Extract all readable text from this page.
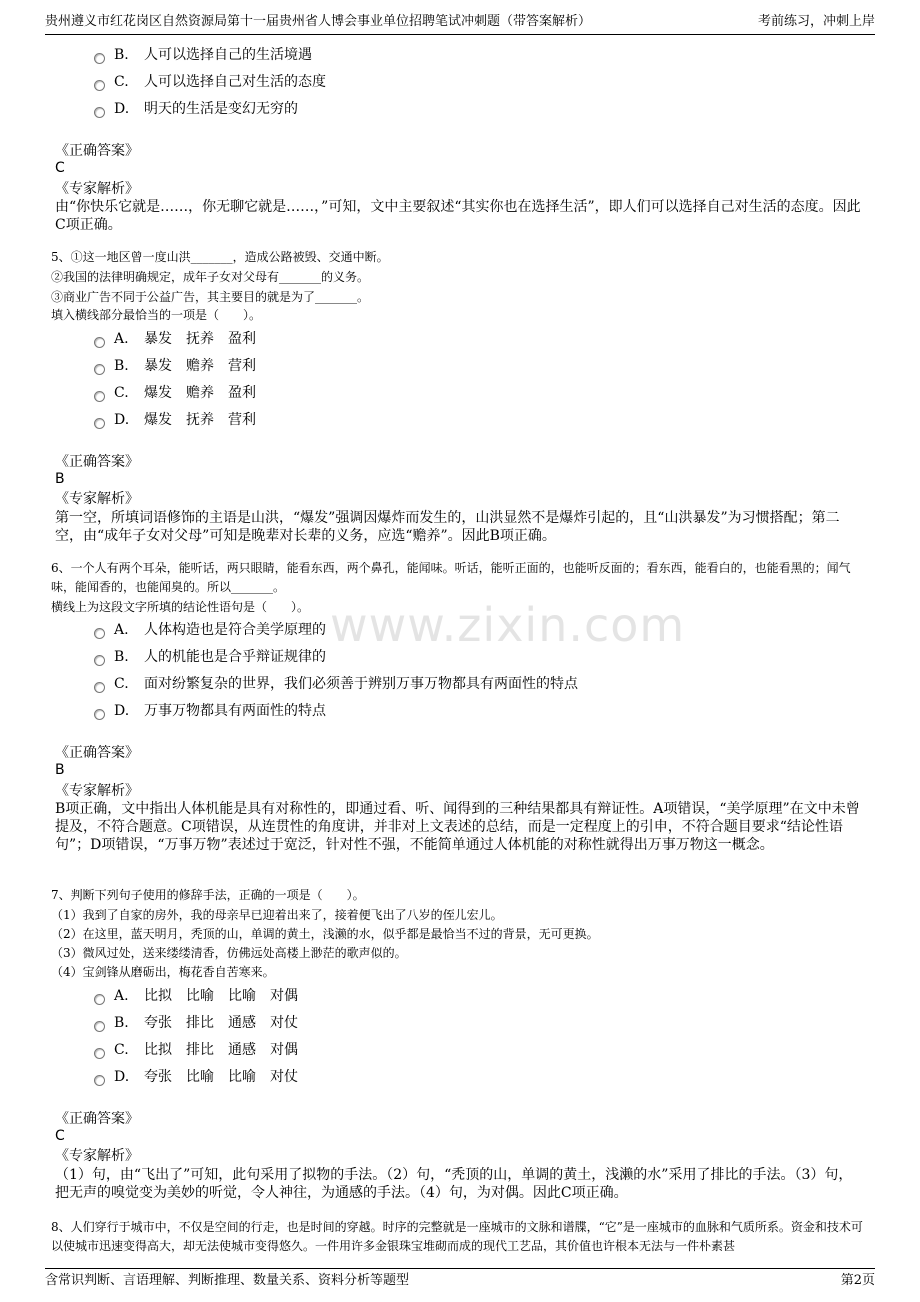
贵州遵义市红花岗区自然资源局第十一届贵州省人博会事业单位招聘笔试冲刺题（带答案解析）	考前练习，冲刺上岸
www.zixin.com
B. 人可以选择自己的生活境遇
C. 人可以选择自己对生活的态度
D. 明天的生活是变幻无穷的
《正确答案》
C
《专家解析》
由“你快乐它就是……，你无聊它就是……，”可知，文中主要叙述“其实你也在选择生活”，即人们可以选择自己对生活的态度。因此C项正确。
5、①这一地区曾一度山洪_______，造成公路被毁、交通中断。
②我国的法律明确规定，成年子女对父母有_______的义务。
③商业广告不同于公益广告，其主要目的就是为了_______。
填入横线部分最恰当的一项是（　　）。
A. 暴发　抚养　盈利
B. 暴发　赡养　营利
C. 爆发　赡养　盈利
D. 爆发　抚养　营利
《正确答案》
B
《专家解析》
第一空，所填词语修饰的主语是山洪，“爆发”强调因爆炸而发生的，山洪显然不是爆炸引起的，且“山洪暴发”为习惯搭配；第二空，由“成年子女对父母”可知是晚辈对长辈的义务，应选“赡养”。因此B项正确。
6、一个人有两个耳朵，能听话，两只眼睛，能看东西，两个鼻孔，能闻味。听话，能听正面的，也能听反面的；看东西，能看白的，也能看黑的；闻气味，能闻香的，也能闻臭的。所以_______。
横线上为这段文字所填的结论性语句是（　　）。
A. 人体构造也是符合美学原理的
B. 人的机能也是合乎辩证规律的
C. 面对纷繁复杂的世界，我们必须善于辨别万事万物都具有两面性的特点
D. 万事万物都具有两面性的特点
《正确答案》
B
《专家解析》
B项正确，文中指出人体机能是具有对称性的，即通过看、听、闻得到的三种结果都具有辩证性。A项错误，“美学原理”在文中未曾提及，不符合题意。C项错误，从连贯性的角度讲，并非对上文表述的总结，而是一定程度上的引申，不符合题目要求“结论性语句”；D项错误，“万事万物”表述过于宽泛，针对性不强，不能简单通过人体机能的对称性就得出万事万物这一概念。
7、判断下列句子使用的修辞手法，正确的一项是（　　）。
（1）我到了自家的房外，我的母亲早已迎着出来了，接着便飞出了八岁的侄儿宏儿。
（2）在这里，蓝天明月，秃顶的山，单调的黄土，浅濑的水，似乎都是最恰当不过的背景，无可更换。
（3）微风过处，送来缕缕清香，仿佛远处高楼上渺茫的歌声似的。
（4）宝剑锋从磨砺出，梅花香自苦寒来。
A. 比拟　比喻　比喻　对偶
B. 夸张　排比　通感　对仗
C. 比拟　排比　通感　对偶
D. 夸张　比喻　比喻　对仗
《正确答案》
C
《专家解析》
（1）句，由“飞出了”可知，此句采用了拟物的手法。（2）句，“秃顶的山，单调的黄土，浅濑的水”采用了排比的手法。（3）句，把无声的嗅觉变为美妙的听觉，令人神往，为通感的手法。（4）句，为对偶。因此C项正确。
8、人们穿行于城市中，不仅是空间的行走，也是时间的穿越。时序的完整就是一座城市的文脉和谱牒，“它”是一座城市的血脉和气质所系。资金和技术可以使城市迅速变得高大，却无法使城市变得悠久。一件用许多金银珠宝堆砌而成的现代工艺品，其价值也许根本无法与一件朴素甚
含常识判断、言语理解、判断推理、数量关系、资料分析等题型	第2页
